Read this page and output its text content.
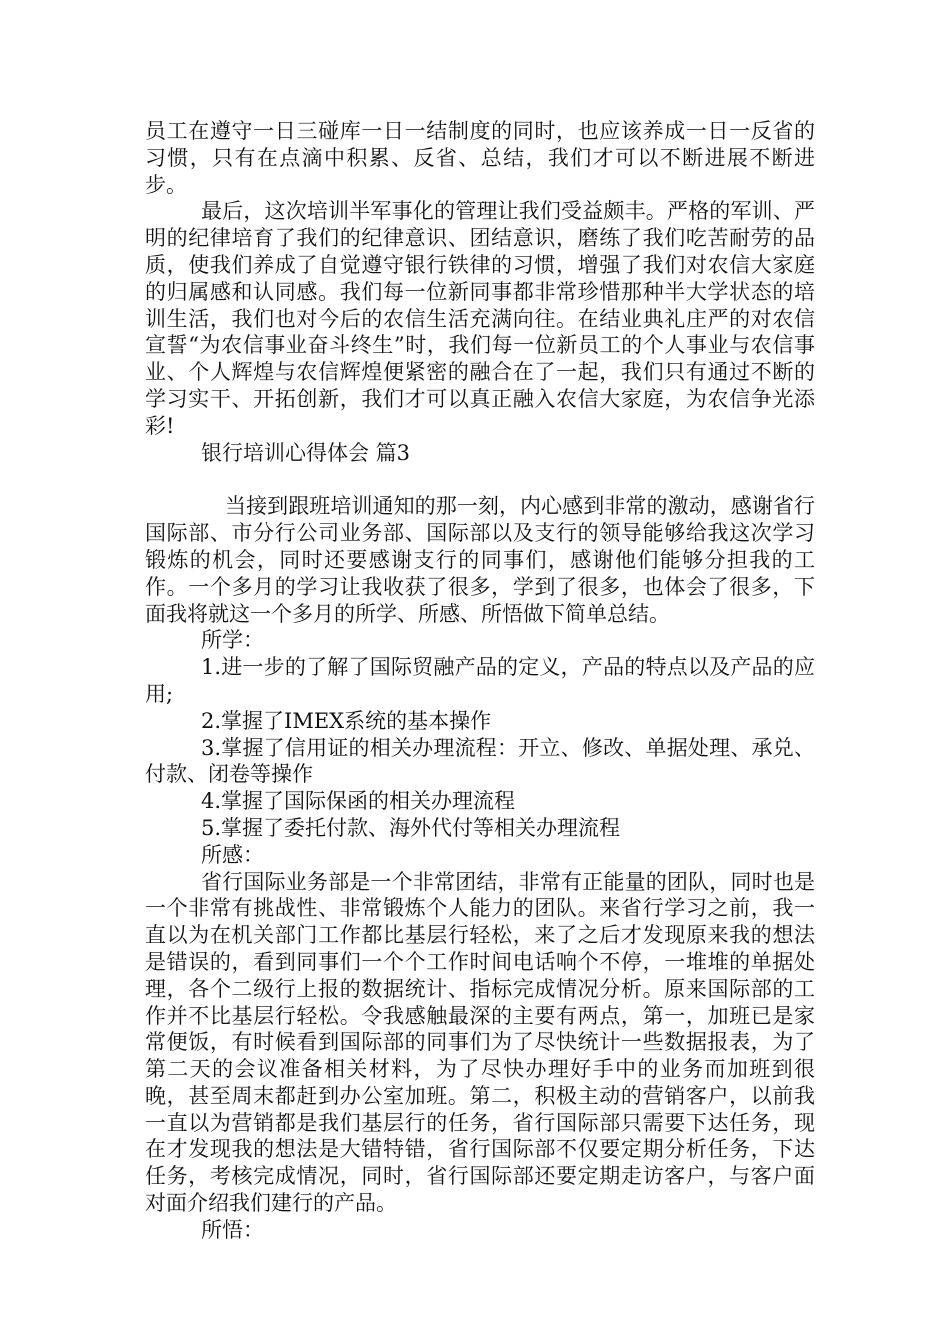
员工在遵守一日三碰库一日一结制度的同时，也应该养成一日一反省的习惯，只有在点滴中积累、反省、总结，我们才可以不断进展不断进步。

最后，这次培训半军事化的管理让我们受益颇丰。严格的军训、严明的纪律培育了我们的纪律意识、团结意识，磨练了我们吃苦耐劳的品质，使我们养成了自觉遵守银行铁律的习惯，增强了我们对农信大家庭的归属感和认同感。我们每一位新同事都非常珍惜那种半大学状态的培训生活，我们也对今后的农信生活充满向往。在结业典礼庄严的对农信宣誓“为农信事业奋斗终生”时，我们每一位新员工的个人事业与农信事业、个人辉煌与农信辉煌便紧密的融合在了一起，我们只有通过不断的学习实干、开拓创新，我们才可以真正融入农信大家庭，为农信争光添彩!

银行培训心得体会 篇3

当接到跟班培训通知的那一刻，内心感到非常的激动，感谢省行国际部、市分行公司业务部、国际部以及支行的领导能够给我这次学习锻炼的机会，同时还要感谢支行的同事们，感谢他们能够分担我的工作。一个多月的学习让我收获了很多，学到了很多，也体会了很多，下面我将就这一个多月的所学、所感、所悟做下简单总结。

所学：

1.进一步的了解了国际贸融产品的定义，产品的特点以及产品的应用;

2.掌握了IMEX系统的基本操作

3.掌握了信用证的相关办理流程：开立、修改、单据处理、承兑、付款、闭卷等操作

4.掌握了国际保函的相关办理流程

5.掌握了委托付款、海外代付等相关办理流程

所感：

省行国际业务部是一个非常团结，非常有正能量的团队，同时也是一个非常有挑战性、非常锻炼个人能力的团队。来省行学习之前，我一直以为在机关部门工作都比基层行轻松，来了之后才发现原来我的想法是错误的，看到同事们一个个工作时间电话响个不停，一堆堆的单据处理，各个二级行上报的数据统计、指标完成情况分析。原来国际部的工作并不比基层行轻松。令我感触最深的主要有两点，第一，加班已是家常便饭，有时候看到国际部的同事们为了尽快统计一些数据报表，为了第二天的会议准备相关材料，为了尽快办理好手中的业务而加班到很晚，甚至周末都赶到办公室加班。第二，积极主动的营销客户，以前我一直以为营销都是我们基层行的任务，省行国际部只需要下达任务，现在才发现我的想法是大错特错，省行国际部不仅要定期分析任务，下达任务，考核完成情况，同时，省行国际部还要定期走访客户，与客户面对面介绍我们建行的产品。

所悟：
